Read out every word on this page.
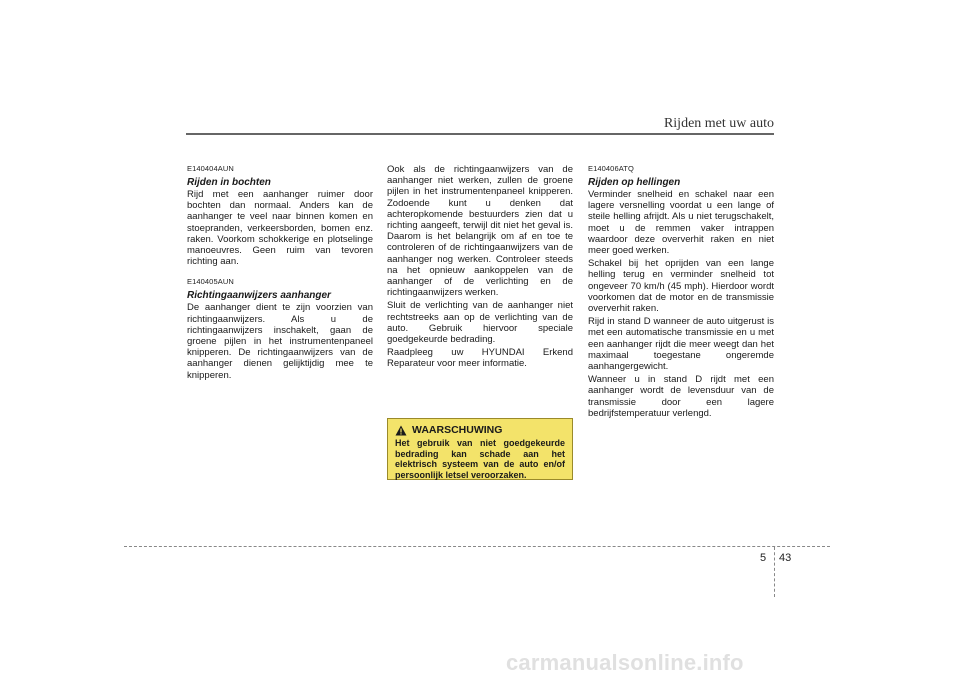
Rijden met uw auto
E140404AUN
Rijden in bochten

Rijd met een aanhanger ruimer door bochten dan normaal. Anders kan de aanhanger te veel naar binnen komen en stoepranden, verkeersborden, bomen enz. raken. Voorkom schokkerige en plotselinge manoeuvres. Geen ruim van tevoren richting aan.

E140405AUN
Richtingaanwijzers aanhanger

De aanhanger dient te zijn voorzien van richtingaanwijzers. Als u de richtingaanwijzers inschakelt, gaan de groene pijlen in het instrumentenpaneel knipperen. De richtingaanwijzers van de aanhanger dienen gelijktijdig mee te knipperen.

Ook als de richtingaanwijzers van de aanhanger niet werken, zullen de groene pijlen in het instrumentenpaneel knipperen. Zodoende kunt u denken dat achteropkomende bestuurders zien dat u richting aangeeft, terwijl dit niet het geval is. Daarom is het belangrijk om af en toe te controleren of de richtingaanwijzers van de aanhanger nog werken. Controleer steeds na het opnieuw aankoppelen van de aanhanger of de verlichting en de richtingaanwijzers werken.

Sluit de verlichting van de aanhanger niet rechtstreeks aan op de verlichting van de auto. Gebruik hiervoor speciale goedgekeurde bedrading.

Raadpleeg uw HYUNDAI Erkend Reparateur voor meer informatie.

WAARSCHUWING
Het gebruik van niet goedgekeurde bedrading kan schade aan het elektrisch systeem van de auto en/of persoonlijk letsel veroorzaken.
E140406ATQ
Rijden op hellingen

Verminder snelheid en schakel naar een lagere versnelling voordat u een lange of steile helling afrijdt. Als u niet terugschakelt, moet u de remmen vaker intrappen waardoor deze oververhit raken en niet meer goed werken.

Schakel bij het oprijden van een lange helling terug en verminder snelheid tot ongeveer 70 km/h (45 mph). Hierdoor wordt voorkomen dat de motor en de transmissie oververhit raken.

Rijd in stand D wanneer de auto uitgerust is met een automatische transmissie en u met een aanhanger rijdt die meer weegt dan het maximaal toegestane ongeremde aanhangergewicht.

Wanneer u in stand D rijdt met een aanhanger wordt de levensduur van de transmissie door een lagere bedrijfstemperatuur verlengd.

5 43
carmanualsonline.info
